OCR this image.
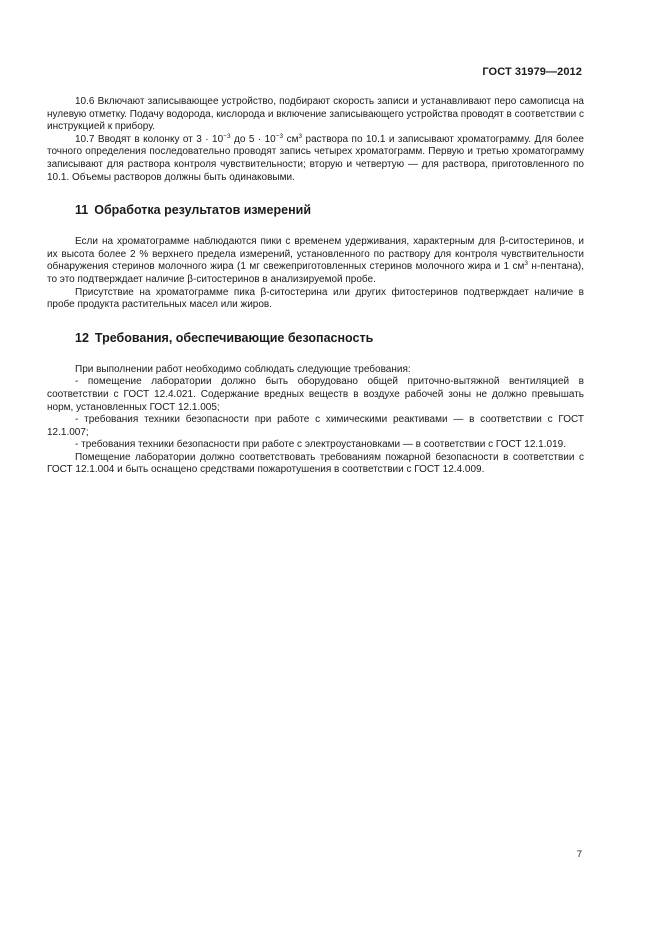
ГОСТ 31979—2012

10.6 Включают записывающее устройство, подбирают скорость записи и устанавливают перо самописца на нулевую отметку. Подачу водорода, кислорода и включение записывающего устройства проводят в соответствии с инструкцией к прибору.

10.7 Вводят в колонку от $3 \cdot 10^{-3}$ до $5 \cdot 10^{-3}$ $см^3$ раствора по 10.1 и записывают хроматограмму. Для более точного определения последовательно проводят запись четырех хроматограмм. Первую и третью хроматограмму записывают для раствора контроля чувствительности; вторую и четвертую — для раствора, приготовленного по 10.1. Объемы растворов должны быть одинаковыми.

11 Обработка результатов измерений

Если на хроматограмме наблюдаются пики с временем удерживания, характерным для β-ситостеринов, и их высота более 2 % верхнего предела измерений, установленного по раствору для контроля чувствительности обнаружения стеринов молочного жира (1 мг свежеприготовленных стеринов молочного жира и 1 $см^3$ н-пентана), то это подтверждает наличие β-ситостеринов в анализируемой пробе.

Присутствие на хроматограмме пика β-ситостерина или других фитостеринов подтверждает наличие в пробе продукта растительных масел или жиров.

12 Требования, обеспечивающие безопасность

При выполнении работ необходимо соблюдать следующие требования:

- помещение лаборатории должно быть оборудовано общей приточно-вытяжной вентиляцией в соответствии с ГОСТ 12.4.021. Содержание вредных веществ в воздухе рабочей зоны не должно превышать норм, установленных ГОСТ 12.1.005;

- требования техники безопасности при работе с химическими реактивами — в соответствии с ГОСТ 12.1.007;

- требования техники безопасности при работе с электроустановками — в соответствии с ГОСТ 12.1.019.

Помещение лаборатории должно соответствовать требованиям пожарной безопасности в соответствии с ГОСТ 12.1.004 и быть оснащено средствами пожаротушения в соответствии с ГОСТ 12.4.009.

7
